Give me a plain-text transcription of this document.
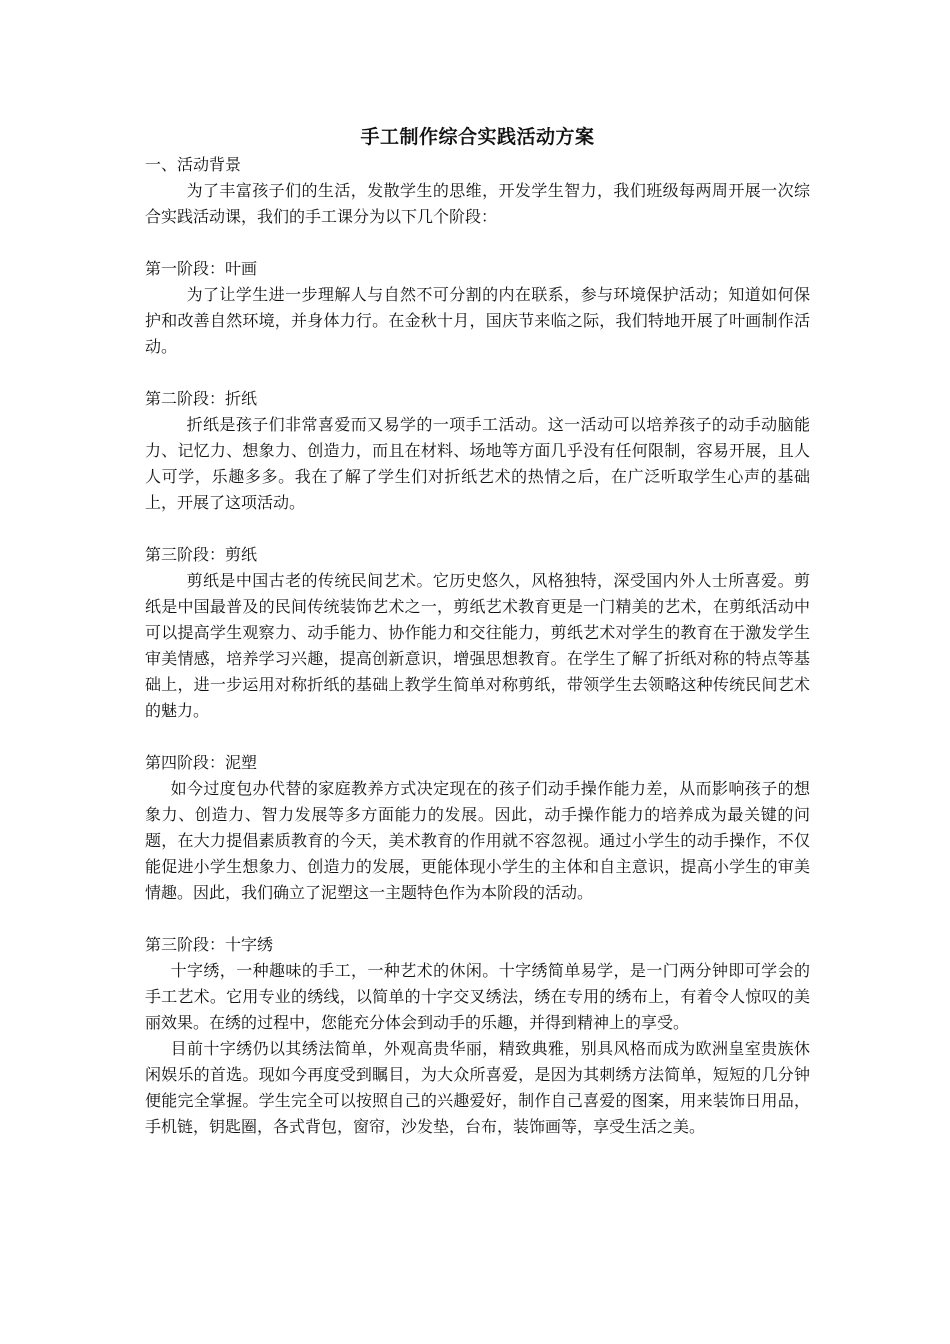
手工制作综合实践活动方案

一、活动背景

为了丰富孩子们的生活，发散学生的思维，开发学生智力，我们班级每两周开展一次综合实践活动课，我们的手工课分为以下几个阶段：

第一阶段：叶画

为了让学生进一步理解人与自然不可分割的内在联系，参与环境保护活动；知道如何保护和改善自然环境，并身体力行。在金秋十月，国庆节来临之际，我们特地开展了叶画制作活动。

第二阶段：折纸

折纸是孩子们非常喜爱而又易学的一项手工活动。这一活动可以培养孩子的动手动脑能力、记忆力、想象力、创造力，而且在材料、场地等方面几乎没有任何限制，容易开展，且人人可学，乐趣多多。我在了解了学生们对折纸艺术的热情之后，在广泛听取学生心声的基础上，开展了这项活动。

第三阶段：剪纸

剪纸是中国古老的传统民间艺术。它历史悠久，风格独特，深受国内外人士所喜爱。剪纸是中国最普及的民间传统装饰艺术之一，剪纸艺术教育更是一门精美的艺术，在剪纸活动中可以提高学生观察力、动手能力、协作能力和交往能力，剪纸艺术对学生的教育在于激发学生审美情感，培养学习兴趣，提高创新意识，增强思想教育。在学生了解了折纸对称的特点等基础上，进一步运用对称折纸的基础上教学生简单对称剪纸，带领学生去领略这种传统民间艺术的魅力。

第四阶段：泥塑

如今过度包办代替的家庭教养方式决定现在的孩子们动手操作能力差，从而影响孩子的想象力、创造力、智力发展等多方面能力的发展。因此，动手操作能力的培养成为最关键的问题，在大力提倡素质教育的今天，美术教育的作用就不容忽视。通过小学生的动手操作，不仅能促进小学生想象力、创造力的发展，更能体现小学生的主体和自主意识，提高小学生的审美情趣。因此，我们确立了泥塑这一主题特色作为本阶段的活动。

第三阶段：十字绣

十字绣，一种趣味的手工，一种艺术的休闲。十字绣简单易学，是一门两分钟即可学会的手工艺术。它用专业的绣线，以简单的十字交叉绣法，绣在专用的绣布上，有着令人惊叹的美丽效果。在绣的过程中，您能充分体会到动手的乐趣，并得到精神上的享受。

目前十字绣仍以其绣法简单，外观高贵华丽，精致典雅，别具风格而成为欧洲皇室贵族休闲娱乐的首选。现如今再度受到瞩目，为大众所喜爱，是因为其刺绣方法简单，短短的几分钟便能完全掌握。学生完全可以按照自己的兴趣爱好，制作自己喜爱的图案，用来装饰日用品，手机链，钥匙圈，各式背包，窗帘，沙发垫，台布，装饰画等，享受生活之美。
